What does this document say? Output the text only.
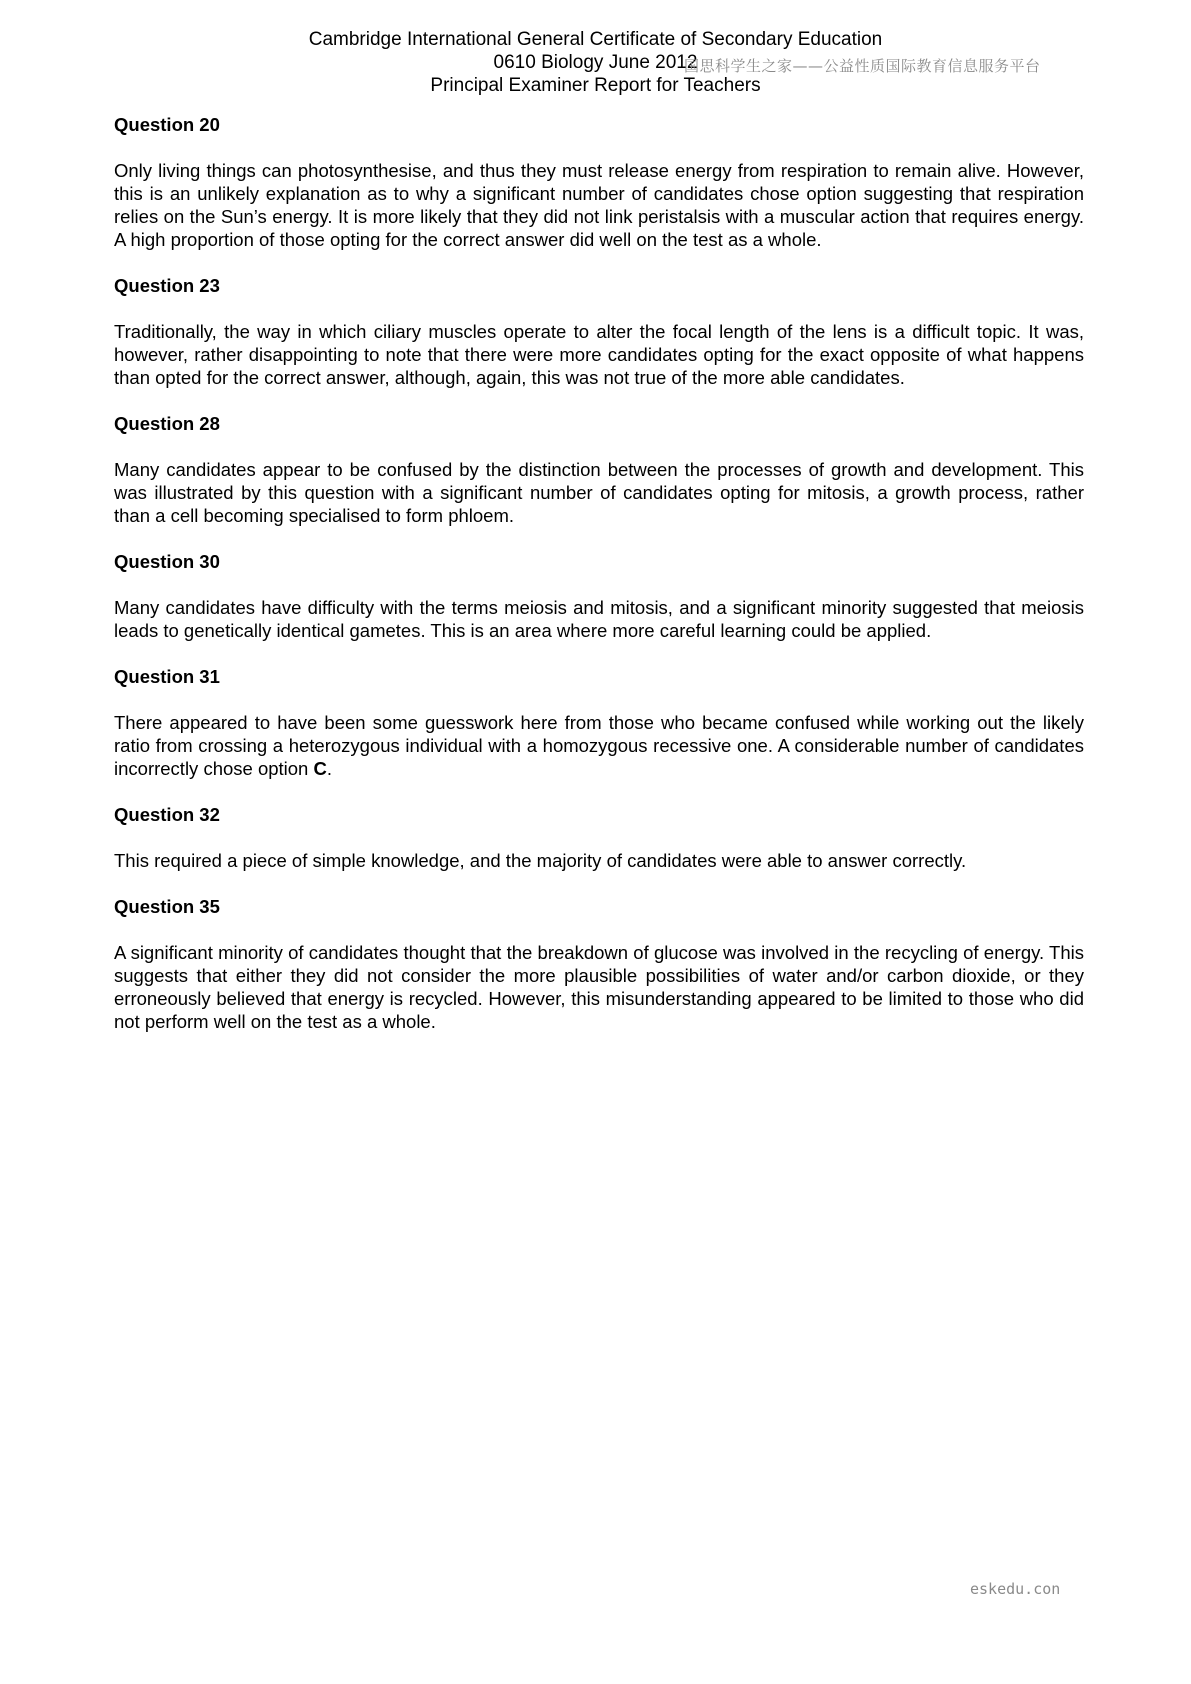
Cambridge International General Certificate of Secondary Education
0610 Biology June 2012
Principal Examiner Report for Teachers
国思科学生之家——公益性质国际教育信息服务平台

Question 20

Only living things can photosynthesise, and thus they must release energy from respiration to remain alive. However, this is an unlikely explanation as to why a significant number of candidates chose option suggesting that respiration relies on the Sun’s energy. It is more likely that they did not link peristalsis with a muscular action that requires energy. A high proportion of those opting for the correct answer did well on the test as a whole.

Question 23

Traditionally, the way in which ciliary muscles operate to alter the focal length of the lens is a difficult topic. It was, however, rather disappointing to note that there were more candidates opting for the exact opposite of what happens than opted for the correct answer, although, again, this was not true of the more able candidates.

Question 28

Many candidates appear to be confused by the distinction between the processes of growth and development. This was illustrated by this question with a significant number of candidates opting for mitosis, a growth process, rather than a cell becoming specialised to form phloem.

Question 30

Many candidates have difficulty with the terms meiosis and mitosis, and a significant minority suggested that meiosis leads to genetically identical gametes. This is an area where more careful learning could be applied.

Question 31

There appeared to have been some guesswork here from those who became confused while working out the likely ratio from crossing a heterozygous individual with a homozygous recessive one. A considerable number of candidates incorrectly chose option C.

Question 32

This required a piece of simple knowledge, and the majority of candidates were able to answer correctly.

Question 35

A significant minority of candidates thought that the breakdown of glucose was involved in the recycling of energy. This suggests that either they did not consider the more plausible possibilities of water and/or carbon dioxide, or they erroneously believed that energy is recycled. However, this misunderstanding appeared to be limited to those who did not perform well on the test as a whole.

eskedu.con
